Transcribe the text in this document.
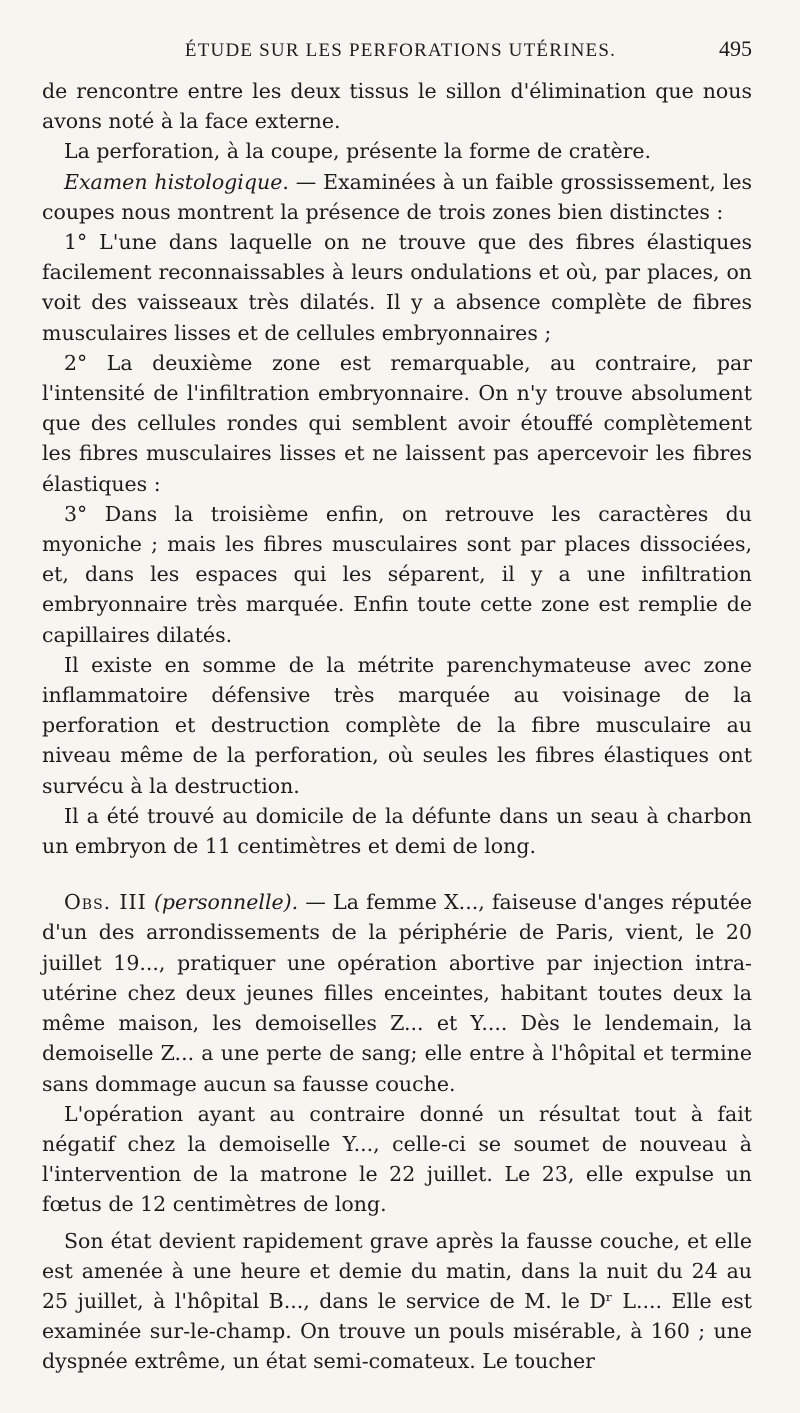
ÉTUDE SUR LES PERFORATIONS UTÉRINES.	495

de rencontre entre les deux tissus le sillon d'élimination que nous avons noté à la face externe.

La perforation, à la coupe, présente la forme de cratère.

Examen histologique. — Examinées à un faible grossissement, les coupes nous montrent la présence de trois zones bien distinctes :

1° L'une dans laquelle on ne trouve que des fibres élastiques facilement reconnaissables à leurs ondulations et où, par places, on voit des vaisseaux très dilatés. Il y a absence complète de fibres musculaires lisses et de cellules embryonnaires ;

2° La deuxième zone est remarquable, au contraire, par l'intensité de l'infiltration embryonnaire. On n'y trouve absolument que des cellules rondes qui semblent avoir étouffé complètement les fibres musculaires lisses et ne laissent pas apercevoir les fibres élastiques :

3° Dans la troisième enfin, on retrouve les caractères du myoniche ; mais les fibres musculaires sont par places dissociées, et, dans les espaces qui les séparent, il y a une infiltration embryonnaire très marquée. Enfin toute cette zone est remplie de capillaires dilatés.

Il existe en somme de la métrite parenchymateuse avec zone inflammatoire défensive très marquée au voisinage de la perforation et destruction complète de la fibre musculaire au niveau même de la perforation, où seules les fibres élastiques ont survécu à la destruction.

Il a été trouvé au domicile de la défunte dans un seau à charbon un embryon de 11 centimètres et demi de long.

Obs. III (personnelle). — La femme X..., faiseuse d'anges réputée d'un des arrondissements de la périphérie de Paris, vient, le 20 juillet 19..., pratiquer une opération abortive par injection intra-utérine chez deux jeunes filles enceintes, habitant toutes deux la même maison, les demoiselles Z... et Y.... Dès le lendemain, la demoiselle Z... a une perte de sang; elle entre à l'hôpital et termine sans dommage aucun sa fausse couche.

L'opération ayant au contraire donné un résultat tout à fait négatif chez la demoiselle Y..., celle-ci se soumet de nouveau à l'intervention de la matrone le 22 juillet. Le 23, elle expulse un fœtus de 12 centimètres de long.

Son état devient rapidement grave après la fausse couche, et elle est amenée à une heure et demie du matin, dans la nuit du 24 au 25 juillet, à l'hôpital B..., dans le service de M. le Dʳ L.... Elle est examinée sur-le-champ. On trouve un pouls misérable, à 160 ; une dyspnée extrême, un état semi-comateux. Le toucher
